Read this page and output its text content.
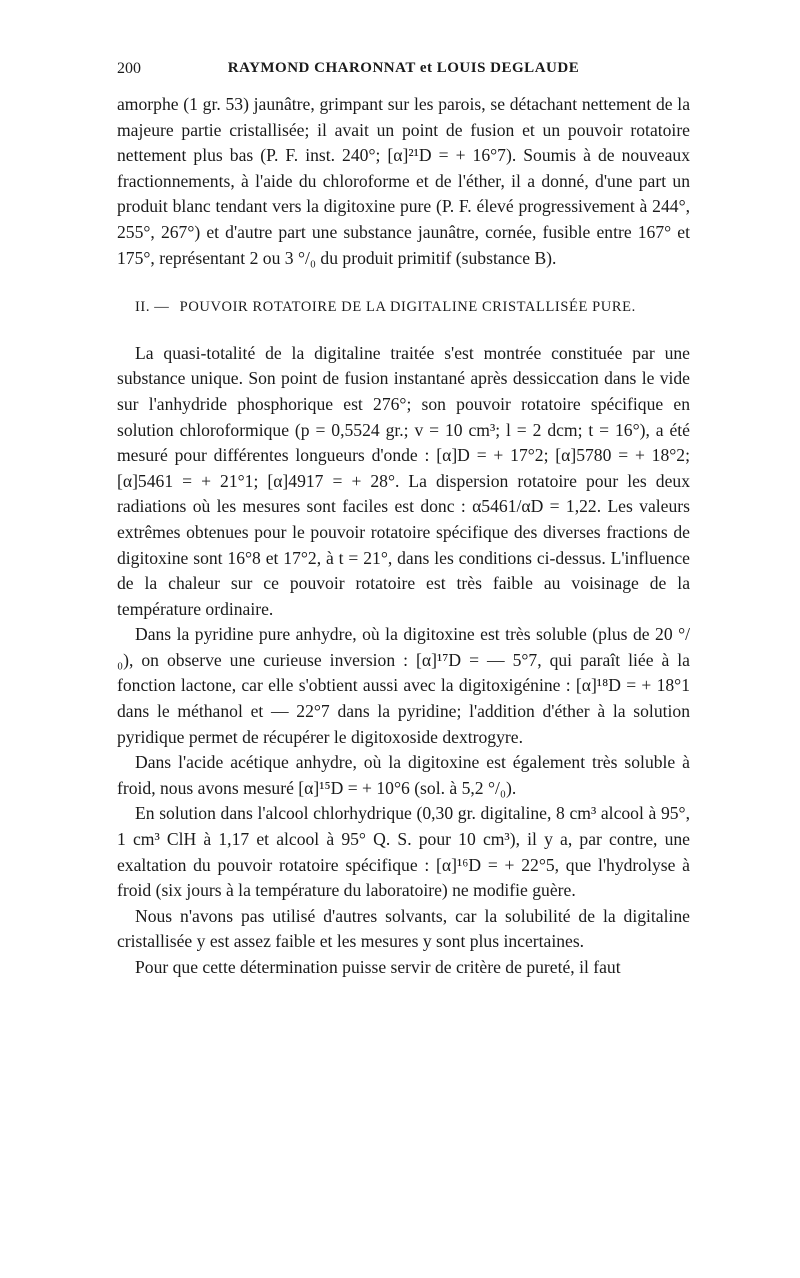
200	RAYMOND CHARONNAT et LOUIS DEGLAUDE

amorphe (1 gr. 53) jaunâtre, grimpant sur les parois, se détachant nettement de la majeure partie cristallisée; il avait un point de fusion et un pouvoir rotatoire nettement plus bas (P. F. inst. 240°; [α]²¹D = + 16°7). Soumis à de nouveaux fractionnements, à l'aide du chloroforme et de l'éther, il a donné, d'une part un produit blanc tendant vers la digitoxine pure (P. F. élevé progressivement à 244°, 255°, 267°) et d'autre part une substance jaunâtre, cornée, fusible entre 167° et 175°, représentant 2 ou 3 °/₀ du produit primitif (substance B).

II. — POUVOIR ROTATOIRE DE LA DIGITALINE CRISTALLISÉE PURE.

La quasi-totalité de la digitaline traitée s'est montrée constituée par une substance unique. Son point de fusion instantané après dessiccation dans le vide sur l'anhydride phosphorique est 276°; son pouvoir rotatoire spécifique en solution chloroformique (p = 0,5524 gr.; v = 10 cm³; l = 2 dcm; t = 16°), a été mesuré pour différentes longueurs d'onde : [α]D = + 17°2; [α]5780 = + 18°2; [α]5461 = + 21°1; [α]4917 = + 28°. La dispersion rotatoire pour les deux radiations où les mesures sont faciles est donc : α5461/αD = 1,22. Les valeurs extrêmes obtenues pour le pouvoir rotatoire spécifique des diverses fractions de digitoxine sont 16°8 et 17°2, à t = 21°, dans les conditions ci-dessus. L'influence de la chaleur sur ce pouvoir rotatoire est très faible au voisinage de la température ordinaire.

Dans la pyridine pure anhydre, où la digitoxine est très soluble (plus de 20 °/₀), on observe une curieuse inversion : [α]¹⁷D = — 5°7, qui paraît liée à la fonction lactone, car elle s'obtient aussi avec la digitoxigénine : [α]¹⁸D = + 18°1 dans le méthanol et — 22°7 dans la pyridine; l'addition d'éther à la solution pyridique permet de récupérer le digitoxoside dextrogyre.

Dans l'acide acétique anhydre, où la digitoxine est également très soluble à froid, nous avons mesuré [α]¹⁵D = + 10°6 (sol. à 5,2 °/₀).

En solution dans l'alcool chlorhydrique (0,30 gr. digitaline, 8 cm³ alcool à 95°, 1 cm³ ClH à 1,17 et alcool à 95° Q. S. pour 10 cm³), il y a, par contre, une exaltation du pouvoir rotatoire spécifique : [α]¹⁶D = + 22°5, que l'hydrolyse à froid (six jours à la température du laboratoire) ne modifie guère.

Nous n'avons pas utilisé d'autres solvants, car la solubilité de la digitaline cristallisée y est assez faible et les mesures y sont plus incertaines.

Pour que cette détermination puisse servir de critère de pureté, il faut
